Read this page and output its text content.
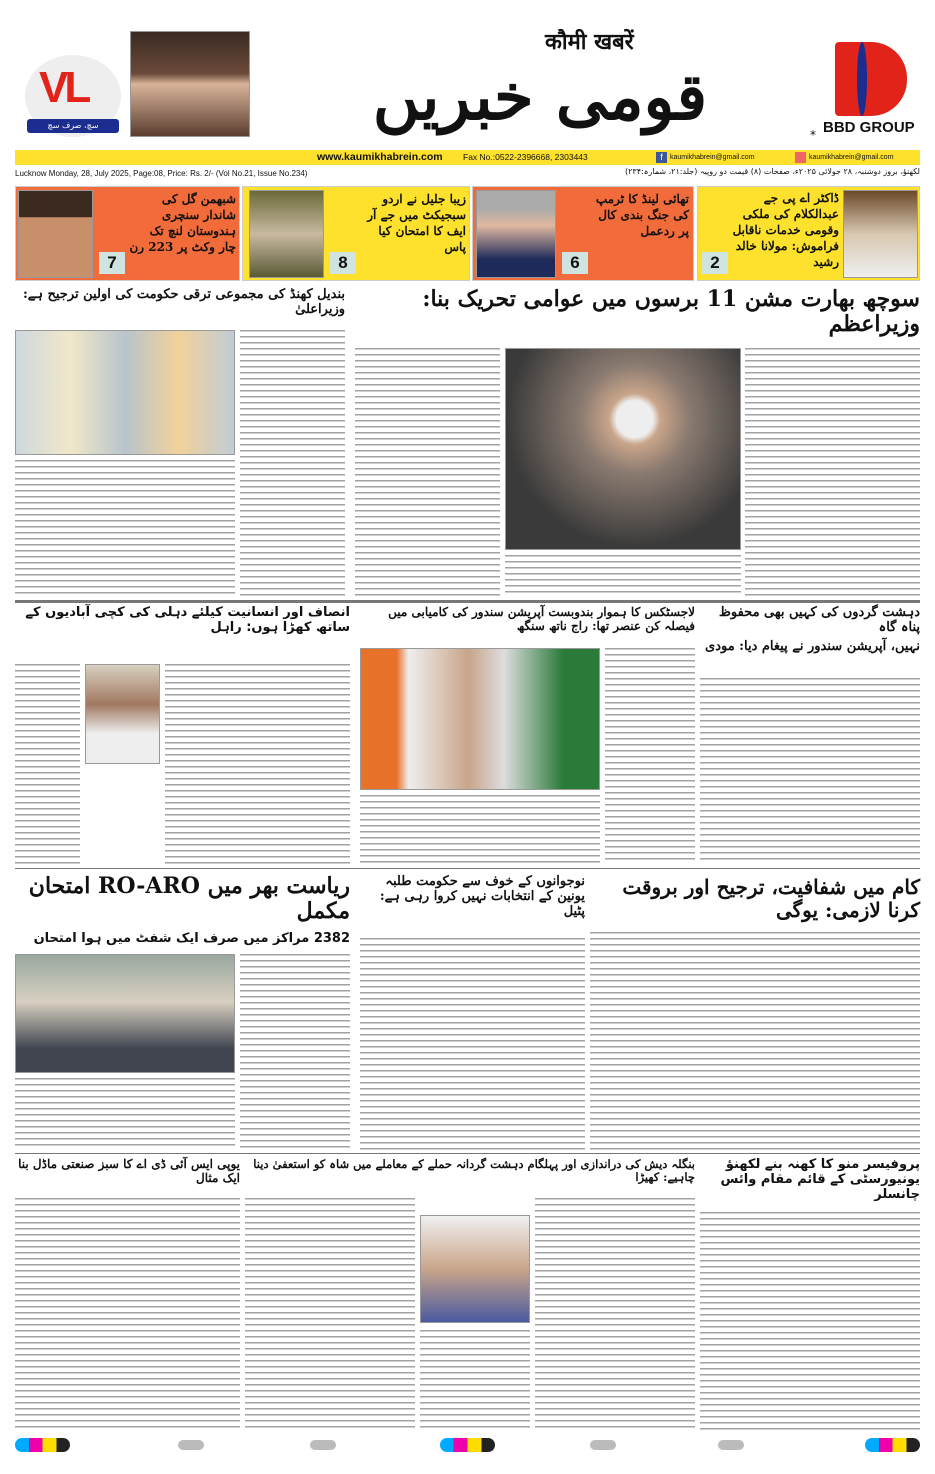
VL
سچ، صرف سچ
कौमी खबरें
قومی خبریں	* BBD GROUP
www.kaumikhabrein.com Fax No.:0522-2396668, 2303443	f	kaumikhabrein@gmail.com	kaumikhabrein@gmail.com
Lucknow Monday, 28, July 2025, Page:08, Price: Rs. 2/- (Vol No.21, Issue No.234)	لکھنؤ، بروز دوشنبہ، ۲۸ جولائی ۲۰۲۵ء، صفحات (۸) قیمت دو روپیہ (جلد:۲۱، شمارہ:۲۳۴)
7
شبھمن گل کی شاندار سنچری ہندوستان لنچ تک چار وکٹ پر 223 رن
8
زیبا جلیل نے اردو سبجیکٹ میں جے آر ایف کا امتحان کیا پاس
6
تھائی لینڈ کا ٹرمپ کی جنگ بندی کال پر ردعمل
2
ڈاکٹر اے پی جے عبدالکلام کی ملکی وقومی خدمات ناقابل فراموش: مولانا خالد رشید
سوچھ بھارت مشن 11 برسوں میں عوامی تحریک بنا: وزیراعظم
بندیل کھنڈ کی مجموعی ترقی حکومت کی اولین ترجیح ہے: وزیراعلیٰ
دہشت گردوں کی کہیں بھی محفوظ پناہ گاہ
نہیں، آپریشن سندور نے پیغام دیا: مودی
لاجسٹکس کا ہموار بندوبست آپریشن سندور کی کامیابی میں فیصلہ کن عنصر تھا: راج ناتھ سنگھ
انصاف اور انسانیت کیلئے دہلی کی کچی آبادیوں کے ساتھ کھڑا ہوں: راہل
کام میں شفافیت، ترجیح اور بروقت کرنا لازمی: یوگی
نوجوانوں کے خوف سے حکومت طلبہ یونین کے انتخابات نہیں کروا رہی ہے: پٹیل
ریاست بھر میں RO-ARO امتحان مکمل
2382 مراکز میں صرف ایک شفٹ میں ہوا امتحان
پروفیسر منو کا کھنہ بنے لکھنؤ یونیورسٹی کے قائم مقام وائس چانسلر
بنگلہ دیش کی دراندازی اور پہلگام دہشت گردانہ حملے کے معاملے میں شاہ کو استعفیٰ دینا چاہیے: کھیڑا
یوپی ایس آئی ڈی اے کا سبز صنعتی ماڈل بنا ایک مثال
